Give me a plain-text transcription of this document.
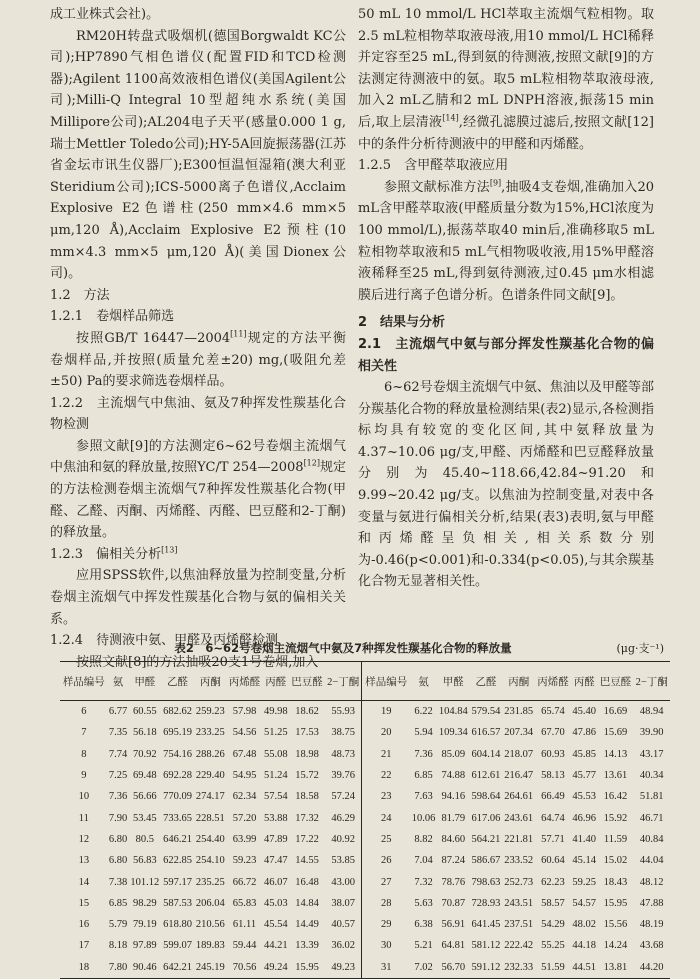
成工业株式会社)。

RM20H转盘式吸烟机(德国Borgwaldt KC公司);HP7890气相色谱仪(配置FID和TCD检测器);Agilent 1100高效液相色谱仪(美国Agilent公司);Milli-Q Integral 10型超纯水系统(美国Millipore公司);AL204电子天平(感量0.000 1 g,瑞士Mettler Toledo公司);HY-5A回旋振荡器(江苏省金坛市讯生仪器厂);E300恒温恒湿箱(澳大利亚Steridium公司);ICS-5000离子色谱仪,Acclaim Explosive E2色谱柱(250 mm×4.6 mm×5 μm,120 Å),Acclaim Explosive E2预柱(10 mm×4.3 mm×5 μm,120 Å)(美国Dionex公司)。

1.2　方法

1.2.1　卷烟样品筛选

按照GB/T 16447—2004[11]规定的方法平衡卷烟样品,并按照(质量允差±20) mg,(吸阻允差±50) Pa的要求筛选卷烟样品。

1.2.2　主流烟气中焦油、氨及7种挥发性羰基化合物检测

参照文献[9]的方法测定6~62号卷烟主流烟气中焦油和氨的释放量,按照YC/T 254—2008[12]规定的方法检测卷烟主流烟气7种挥发性羰基化合物(甲醛、乙醛、丙酮、丙烯醛、丙醛、巴豆醛和2-丁酮)的释放量。

1.2.3　偏相关分析[13]

应用SPSS软件,以焦油释放量为控制变量,分析卷烟主流烟气中挥发性羰基化合物与氨的偏相关关系。

1.2.4　待测液中氨、甲醛及丙烯醛检测

按照文献[8]的方法抽吸20支1号卷烟,加入

50 mL 10 mmol/L HCl萃取主流烟气粒相物。取2.5 mL粒相物萃取液母液,用10 mmol/L HCl稀释并定容至25 mL,得到氨的待测液,按照文献[9]的方法测定待测液中的氨。取5 mL粒相物萃取液母液,加入2 mL乙腈和2 mL DNPH溶液,振荡15 min后,取上层清液[14],经微孔滤膜过滤后,按照文献[12]中的条件分析待测液中的甲醛和丙烯醛。

1.2.5　含甲醛萃取液应用

参照文献标准方法[9],抽吸4支卷烟,准确加入20 mL含甲醛萃取液(甲醛质量分数为15%,HCl浓度为100 mmol/L),振荡萃取40 min后,准确移取5 mL粒相物萃取液和5 mL气相物吸收液,用15%甲醛溶液稀释至25 mL,得到氨待测液,过0.45 μm水相滤膜后进行离子色谱分析。色谱条件同文献[9]。

2　结果与分析

2.1　主流烟气中氨与部分挥发性羰基化合物的偏相关性

6~62号卷烟主流烟气中氨、焦油以及甲醛等部分羰基化合物的释放量检测结果(表2)显示,各检测指标均具有较宽的变化区间,其中氨释放量为4.37~10.06 μg/支,甲醛、丙烯醛和巴豆醛释放量分别为45.40~118.66,42.84~91.20和9.99~20.42 μg/支。以焦油为控制变量,对表中各变量与氨进行偏相关分析,结果(表3)表明,氨与甲醛和丙烯醛呈负相关,相关系数分别为-0.46(p<0.001)和-0.334(p<0.05),与其余羰基化合物无显著相关性。

表2　6~62号卷烟主流烟气中氨及7种挥发性羰基化合物的释放量	(μg·支⁻¹)
样品编号	氨	甲醛	乙醛	丙酮	丙烯醛	丙醛	巴豆醛	2−丁酮	样品编号	氨	甲醛	乙醛	丙酮	丙烯醛	丙醛	巴豆醛	2−丁酮
6	6.77	60.55	682.62	259.23	57.98	49.98	18.62	55.93	19	6.22	104.84	579.54	231.85	65.74	45.40	16.69	48.94
7	7.35	56.18	695.19	233.25	54.56	51.25	17.53	38.75	20	5.94	109.34	616.57	207.34	67.70	47.86	15.69	39.90
8	7.74	70.92	754.16	288.26	67.48	55.08	18.98	48.73	21	7.36	85.09	604.14	218.07	60.93	45.85	14.13	43.17
9	7.25	69.48	692.28	229.40	54.95	51.24	15.72	39.76	22	6.85	74.88	612.61	216.47	58.13	45.77	13.61	40.34
10	7.36	56.66	770.09	274.17	62.34	57.54	18.58	57.24	23	7.63	94.16	598.64	264.61	66.49	45.53	16.42	51.81
11	7.90	53.45	733.65	228.51	57.20	53.88	17.32	46.29	24	10.06	81.79	617.06	243.61	64.74	46.96	15.92	46.71
12	6.80	80.5	646.21	254.40	63.99	47.89	17.22	40.92	25	8.82	84.60	564.21	221.81	57.71	41.40	11.59	40.84
13	6.80	56.83	622.85	254.10	59.23	47.47	14.55	53.85	26	7.04	87.24	586.67	233.52	60.64	45.14	15.02	44.04
14	7.38	101.12	597.17	235.25	66.72	46.07	16.48	43.00	27	7.32	78.76	798.63	252.73	62.23	59.25	18.43	48.12
15	6.85	98.29	587.53	206.04	65.83	45.03	14.84	38.07	28	5.63	70.87	728.93	243.51	58.57	54.57	15.95	47.88
16	5.79	79.19	618.80	210.56	61.11	45.54	14.49	40.57	29	6.38	56.91	641.45	237.51	54.29	48.02	15.56	48.19
17	8.18	97.89	599.07	189.83	59.44	44.21	13.39	36.02	30	5.21	64.81	581.12	222.42	55.25	44.18	14.24	43.68
18	7.80	90.46	642.21	245.19	70.56	49.24	15.95	49.23	31	7.02	56.70	591.12	232.33	51.59	44.51	13.81	44.20
